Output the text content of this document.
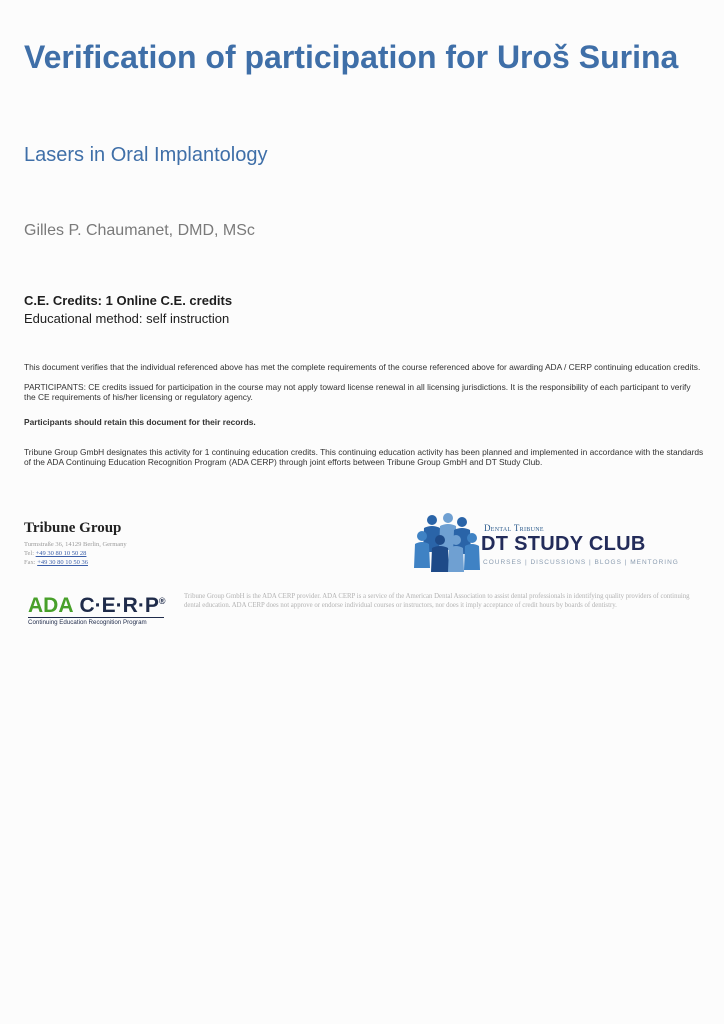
Verification of participation for Uroš Surina
Lasers in Oral Implantology
Gilles P. Chaumanet, DMD, MSc
C.E. Credits: 1 Online C.E. credits
Educational method: self instruction

This document verifies that the individual referenced above has met the complete requirements of the course referenced above for awarding ADA / CERP continuing education credits.

PARTICIPANTS: CE credits issued for participation in the course may not apply toward license renewal in all licensing jurisdictions. It is the responsibility of each participant to verify the CE requirements of his/her licensing or regulatory agency.

Participants should retain this document for their records.

Tribune Group GmbH designates this activity for 1 continuing education credits. This continuing education activity has been planned and implemented in accordance with the standards of the ADA Continuing Education Recognition Program (ADA CERP) through joint efforts between Tribune Group GmbH and DT Study Club.

Tribune Group
Turmstraße 36, 14129 Berlin, Germany
Tel: +49 30 80 10 50 28
Fax: +49 30 80 10 50 36
Dental Tribune
DT STUDY CLUB
COURSES | DISCUSSIONS | BLOGS | MENTORING
ADA C·E·R·P®
Continuing Education Recognition Program

Tribune Group GmbH is the ADA CERP provider. ADA CERP is a service of the American Dental Association to assist dental professionals in identifying quality providers of continuing dental education. ADA CERP does not approve or endorse individual courses or instructors, nor does it imply acceptance of credit hours by boards of dentistry.
